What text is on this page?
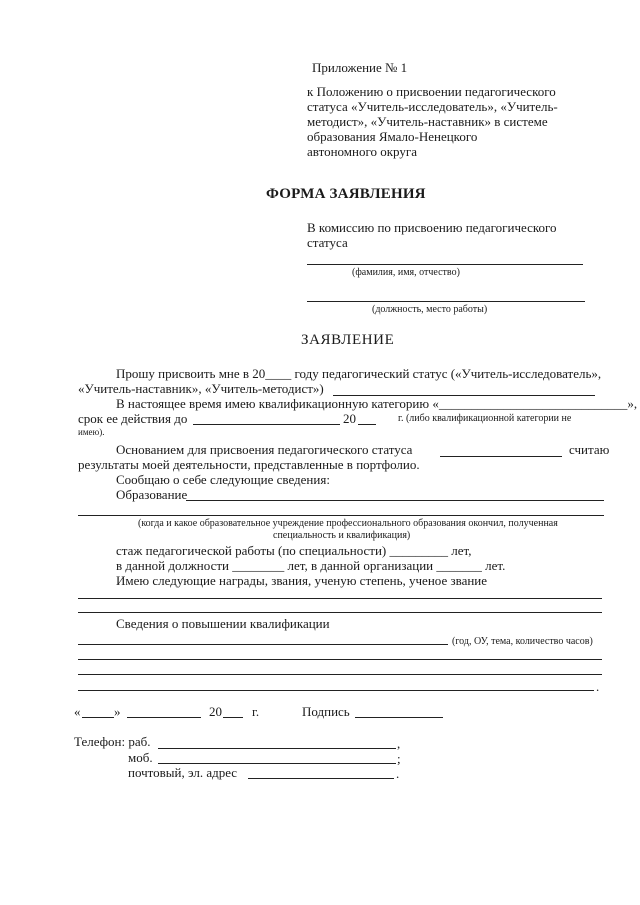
Приложение № 1
к Положению о присвоении педагогического
статуса «Учитель-исследователь», «Учитель-
методист», «Учитель-наставник» в системе
образования Ямало-Ненецкого
автономного округа
ФОРМА ЗАЯВЛЕНИЯ
В комиссию по присвоению педагогического
статуса
(фамилия, имя, отчество)
(должность, место работы)
ЗАЯВЛЕНИЕ
Прошу присвоить мне в 20____ году педагогический статус («Учитель-исследователь»,
«Учитель-наставник», «Учитель-методист»)
В настоящее время имею квалификационную категорию «_____________________________»,
срок ее действия до	20	г. (либо квалификационной категории не
имею).
Основанием для присвоения педагогического статуса	считаю
результаты моей деятельности, представленные в портфолио.
Сообщаю о себе следующие сведения:
Образование
(когда и какое образовательное учреждение профессионального образования окончил, полученная
специальность и квалификация)
стаж педагогической работы (по специальности) _________ лет,
в данной должности ________ лет, в данной организации _______ лет.
Имею следующие награды, звания, ученую степень, ученое звание
Сведения о повышении квалификации
(год, ОУ, тема, количество часов)
.
«	»	20 г.	Подпись
Телефон: раб.	,
моб.	;
почтовый, эл. адрес	.
